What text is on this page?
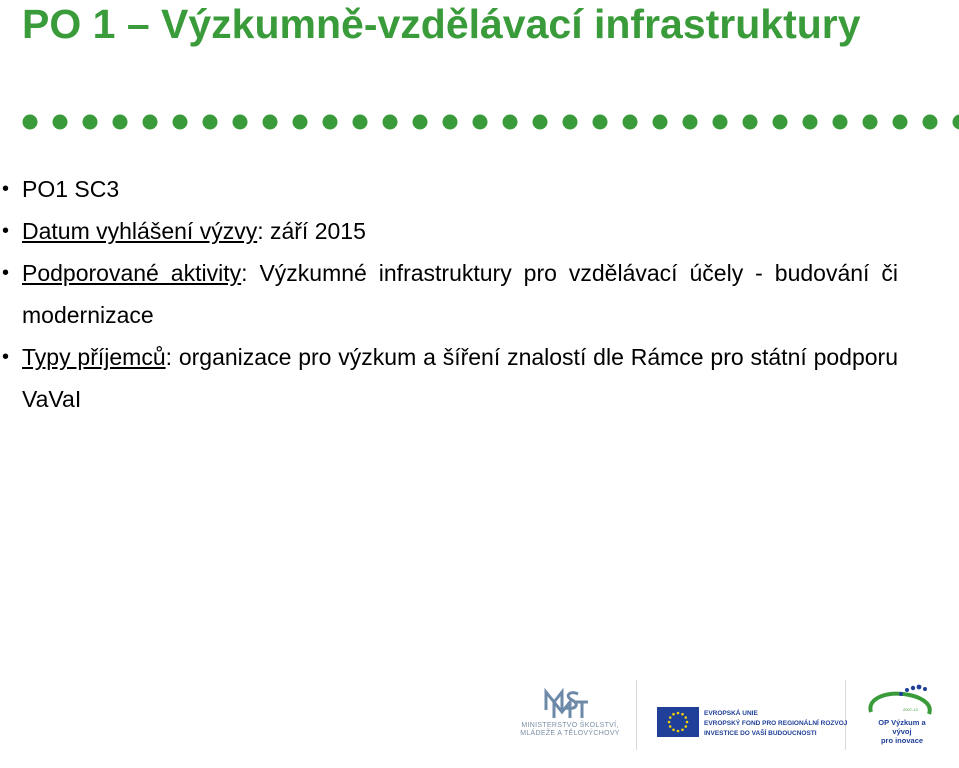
PO 1 – Výzkumně-vzdělávací infrastruktury
• PO1 SC3
• Datum vyhlášení výzvy: září 2015
• Podporované aktivity: Výzkumné infrastruktury pro vzdělávací účely - budování či modernizace
• Typy příjemců: organizace pro výzkum a šíření znalostí dle Rámce pro státní podporu VaVaI
MINISTERSTVO ŠKOLSTVÍ,
MLÁDEŽE A TĚLOVÝCHOVY
EVROPSKÁ UNIE
EVROPSKÝ FOND PRO REGIONÁLNÍ ROZVOJ
INVESTICE DO VAŠÍ BUDOUCNOSTI
2007-13
OP Výzkum a vývoj
pro inovace
